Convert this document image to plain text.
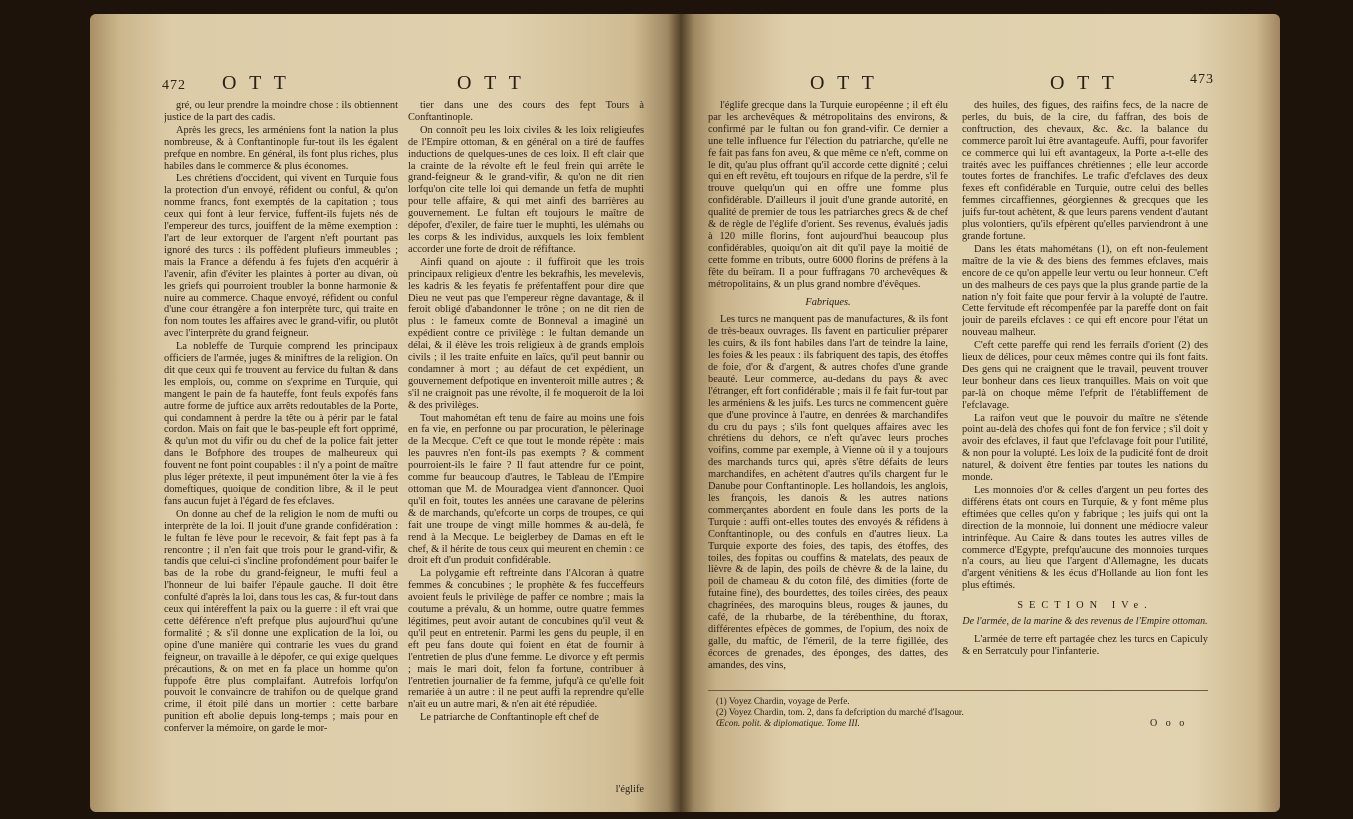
472 O T T	O T T

gré, ou leur prendre la moindre chose : ils obtiennent justice de la part des cadis.

Après les grecs, les arméniens font la nation la plus nombreuse, & à Conftantinople fur-tout ils les égalent prefque en nombre. En général, ils font plus riches, plus habiles dans le commerce & plus économes.

Les chrétiens d'occident, qui vivent en Turquie fous la protection d'un envoyé, réfident ou conful, & qu'on nomme francs, font exemptés de la capitation ; tous ceux qui font à leur fervice, fuffent-ils fujets nés de l'empereur des turcs, jouiffent de la même exemption : l'art de leur extorquer de l'argent n'eft pourtant pas ignoré des turcs : ils poffèdent plufieurs immeubles ; mais la France a défendu à fes fujets d'en acquérir à l'avenir, afin d'éviter les plaintes à porter au divan, où les griefs qui pourroient troubler la bonne harmonie & nuire au commerce. Chaque envoyé, réfident ou conful d'une cour étrangère a fon interprète turc, qui traite en fon nom toutes les affaires avec le grand-vifir, ou plutôt avec l'interprète du grand feigneur.

La nobleffe de Turquie comprend les principaux officiers de l'armée, juges & miniftres de la religion. On dit que ceux qui fe trouvent au fervice du fultan & dans les emplois, ou, comme on s'exprime en Turquie, qui mangent le pain de fa hauteffe, font feuls expofés fans autre forme de juftice aux arrêts redoutables de la Porte, qui condamnent à perdre la tête ou à périr par le fatal cordon. Mais on fait que le bas-peuple eft fort opprimé, & qu'un mot du vifir ou du chef de la police fait jetter dans le Bofphore des troupes de malheureux qui fouvent ne font point coupables : il n'y a point de maître plus léger prétexte, il peut impunément ôter la vie à fes domeftiques, quoique de condition libre, & il le peut fans aucun fujet à l'égard de fes efclaves.

On donne au chef de la religion le nom de mufti ou interprète de la loi. Il jouit d'une grande confidération : le fultan fe lève pour le recevoir, & fait fept pas à fa rencontre ; il n'en fait que trois pour le grand-vifir, & tandis que celui-ci s'incline profondément pour baifer le bas de la robe du grand-feigneur, le mufti feul a l'honneur de lui baifer l'épaule gauche. Il doit être confulté d'après la loi, dans tous les cas, & fur-tout dans ceux qui intéreffent la paix ou la guerre : il eft vrai que cette déférence n'eft prefque plus aujourd'hui qu'une formalité ; & s'il donne une explication de la loi, ou opine d'une manière qui contrarie les vues du grand feigneur, on travaille à le dépofer, ce qui exige quelques précautions, & on met en fa place un homme qu'on fuppofe être plus complaifant. Autrefois lorfqu'on pouvoit le convaincre de trahifon ou de quelque grand crime, il étoit pilé dans un mortier : cette barbare punition eft abolie depuis long-temps ; mais pour en conferver la mémoire, on garde le mor-

tier dans une des cours des fept Tours à Conftantinople.

On connoît peu les loix civiles & les loix religieufes de l'Empire ottoman, & en général on a tiré de fauffes inductions de quelques-unes de ces loix. Il eft clair que la crainte de la révolte eft le feul frein qui arrête le grand-feigneur & le grand-vifir, & qu'on ne dit rien lorfqu'on cite telle loi qui demande un fetfa de muphti pour telle affaire, & qui met ainfi des barrières au gouvernement. Le fultan eft toujours le maître de dépofer, d'exiler, de faire tuer le muphti, les ulémahs ou les corps & les individus, auxquels les loix femblent accorder une forte de droit de réfiftance.

Ainfi quand on ajoute : il fuffiroit que les trois principaux religieux d'entre les bekrafhis, les mevelevis, les kadris & les feyatis fe préfentaffent pour dire que Dieu ne veut pas que l'empereur règne davantage, & il feroit obligé d'abandonner le trône ; on ne dit rien de plus : le fameux comte de Bonneval a imaginé un expédient contre ce privilège : le fultan demande un délai, & il élève les trois religieux à de grands emplois civils ; il les traite enfuite en laïcs, qu'il peut bannir ou condamner à mort ; au défaut de cet expédient, un gouvernement defpotique en inventeroit mille autres ; & s'il ne craignoit pas une révolte, il fe moqueroit de la loi & des privilèges.

Tout mahométan eft tenu de faire au moins une fois en fa vie, en perfonne ou par procuration, le pèlerinage de la Mecque. C'eft ce que tout le monde répète : mais les pauvres n'en font-ils pas exempts ? & comment pourroient-ils le faire ? Il faut attendre fur ce point, comme fur beaucoup d'autres, le Tableau de l'Empire ottoman que M. de Mouradgea vient d'annoncer. Quoi qu'il en foit, toutes les années une caravane de pèlerins & de marchands, qu'efcorte un corps de troupes, ce qui fait une troupe de vingt mille hommes & au-delà, fe rend à la Mecque. Le beiglerbey de Damas en eft le chef, & il hérite de tous ceux qui meurent en chemin : ce droit eft d'un produit confidérable.

La polygamie eft reftreinte dans l'Alcoran à quatre femmes & concubines ; le prophète & fes fucceffeurs avoient feuls le privilège de paffer ce nombre ; mais la coutume a prévalu, & un homme, outre quatre femmes légitimes, peut avoir autant de concubines qu'il veut & qu'il peut en entretenir. Parmi les gens du peuple, il en eft peu fans doute qui foient en état de fournir à l'entretien de plus d'une femme. Le divorce y eft permis ; mais le mari doit, felon fa fortune, contribuer à l'entretien journalier de fa femme, jufqu'à ce qu'elle foit remariée à un autre : il ne peut auffi la reprendre qu'elle n'ait eu un autre mari, & n'en ait été répudiée.

Le patriarche de Conftantinople eft chef de

l'églife
O T T	O T T	473

l'églife grecque dans la Turquie européenne ; il eft élu par les archevêques & métropolitains des environs, & confirmé par le fultan ou fon grand-vifir. Ce dernier a une telle influence fur l'élection du patriarche, qu'elle ne fe fait pas fans fon aveu, & que même ce n'eft, comme on le dit, qu'au plus offrant qu'il accorde cette dignité ; celui qui en eft revêtu, eft toujours en rifque de la perdre, s'il fe trouve quelqu'un qui en offre une fomme plus confidérable. D'ailleurs il jouit d'une grande autorité, en qualité de premier de tous les patriarches grecs & de chef & de règle de l'églife d'orient. Ses revenus, évalués jadis à 120 mille florins, font aujourd'hui beaucoup plus confidérables, quoiqu'on ait dit qu'il paye la moitié de cette fomme en tributs, outre 6000 florins de préfens à la fête du beïram. Il a pour fuffragans 70 archevêques & métropolitains, & un plus grand nombre d'évêques.

Fabriques.

Les turcs ne manquent pas de manufactures, & ils font de très-beaux ouvrages. Ils favent en particulier préparer les cuirs, & ils font habiles dans l'art de teindre la laine, les foies & les peaux : ils fabriquent des tapis, des étoffes de foie, d'or & d'argent, & autres chofes d'une grande beauté. Leur commerce, au-dedans du pays & avec l'étranger, eft fort confidérable ; mais il fe fait fur-tout par les arméniens & les juifs. Les turcs ne commencent guère que d'une province à l'autre, en denrées & marchandifes du cru du pays ; s'ils font quelques affaires avec les chrétiens du dehors, ce n'eft qu'avec leurs proches voifins, comme par exemple, à Vienne où il y a toujours des marchands turcs qui, après s'être défaits de leurs marchandifes, en achètent d'autres qu'ils chargent fur le Danube pour Conftantinople. Les hollandois, les anglois, les françois, les danois & les autres nations commerçantes abordent en foule dans les ports de la Turquie : auffi ont-elles toutes des envoyés & réfidens à Conftantinople, ou des confuls en d'autres lieux. La Turquie exporte des foies, des tapis, des étoffes, des toiles, des fopitas ou couffins & matelats, des peaux de lièvre & de lapin, des poils de chèvre & de la laine, du poil de chameau & du coton filé, des dimities (forte de futaine fine), des bourdettes, des toiles cirées, des peaux chagrinées, des maroquins bleus, rouges & jaunes, du café, de la rhubarbe, de la térébenthine, du ftorax, différentes efpèces de gommes, de l'opium, des noix de galle, du maftic, de l'émeril, de la terre figillée, des écorces de grenades, des éponges, des dattes, des amandes, des vins,

des huiles, des figues, des raifins fecs, de la nacre de perles, du buis, de la cire, du faffran, des bois de conftruction, des chevaux, &c. &c. la balance du commerce paroît lui être avantageufe. Auffi, pour favorifer ce commerce qui lui eft avantageux, la Porte a-t-elle des traités avec les puiffances chrétiennes ; elle leur accorde toutes fortes de franchifes. Le trafic d'efclaves des deux fexes eft confidérable en Turquie, outre celui des belles femmes circaffiennes, géorgiennes & grecques que les juifs fur-tout achètent, & que leurs parens vendent d'autant plus volontiers, qu'ils efpèrent qu'elles parviendront à une grande fortune.

Dans les états mahométans (1), on eft non-feulement maître de la vie & des biens des femmes efclaves, mais encore de ce qu'on appelle leur vertu ou leur honneur. C'eft un des malheurs de ces pays que la plus grande partie de la nation n'y foit faite que pour fervir à la volupté de l'autre. Cette fervitude eft récompenfée par la pareffe dont on fait jouir de pareils efclaves : ce qui eft encore pour l'état un nouveau malheur.

C'eft cette pareffe qui rend les ferrails d'orient (2) des lieux de délices, pour ceux mêmes contre qui ils font faits. Des gens qui ne craignent que le travail, peuvent trouver leur bonheur dans ces lieux tranquilles. Mais on voit que par-là on choque même l'efprit de l'établiffement de l'efclavage.

La raifon veut que le pouvoir du maître ne s'étende point au-delà des chofes qui font de fon fervice ; s'il doit y avoir des efclaves, il faut que l'efclavage foit pour l'utilité, & non pour la volupté. Les loix de la pudicité font de droit naturel, & doivent être fenties par toutes les nations du monde.

Les monnoies d'or & celles d'argent un peu fortes des différens états ont cours en Turquie, & y font même plus eftimées que celles qu'on y fabrique ; les juifs qui ont la direction de la monnoie, lui donnent une médiocre valeur intrinfèque. Au Caire & dans toutes les autres villes de commerce d'Egypte, prefqu'aucune des monnoies turques n'a cours, au lieu que l'argent d'Allemagne, les ducats d'argent vénitiens & les écus d'Hollande au lion font les plus eftimés.

SECTION IVe.

De l'armée, de la marine & des revenus de l'Empire ottoman.

L'armée de terre eft partagée chez les turcs en Capiculy & en Serratculy pour l'infanterie.

(1) Voyez Chardin, voyage de Perfe.
(2) Voyez Chardin, tom. 2, dans fa defcription du marché d'Isagour.
Œcon. polit. & diplomatique. Tome III.	O o o
